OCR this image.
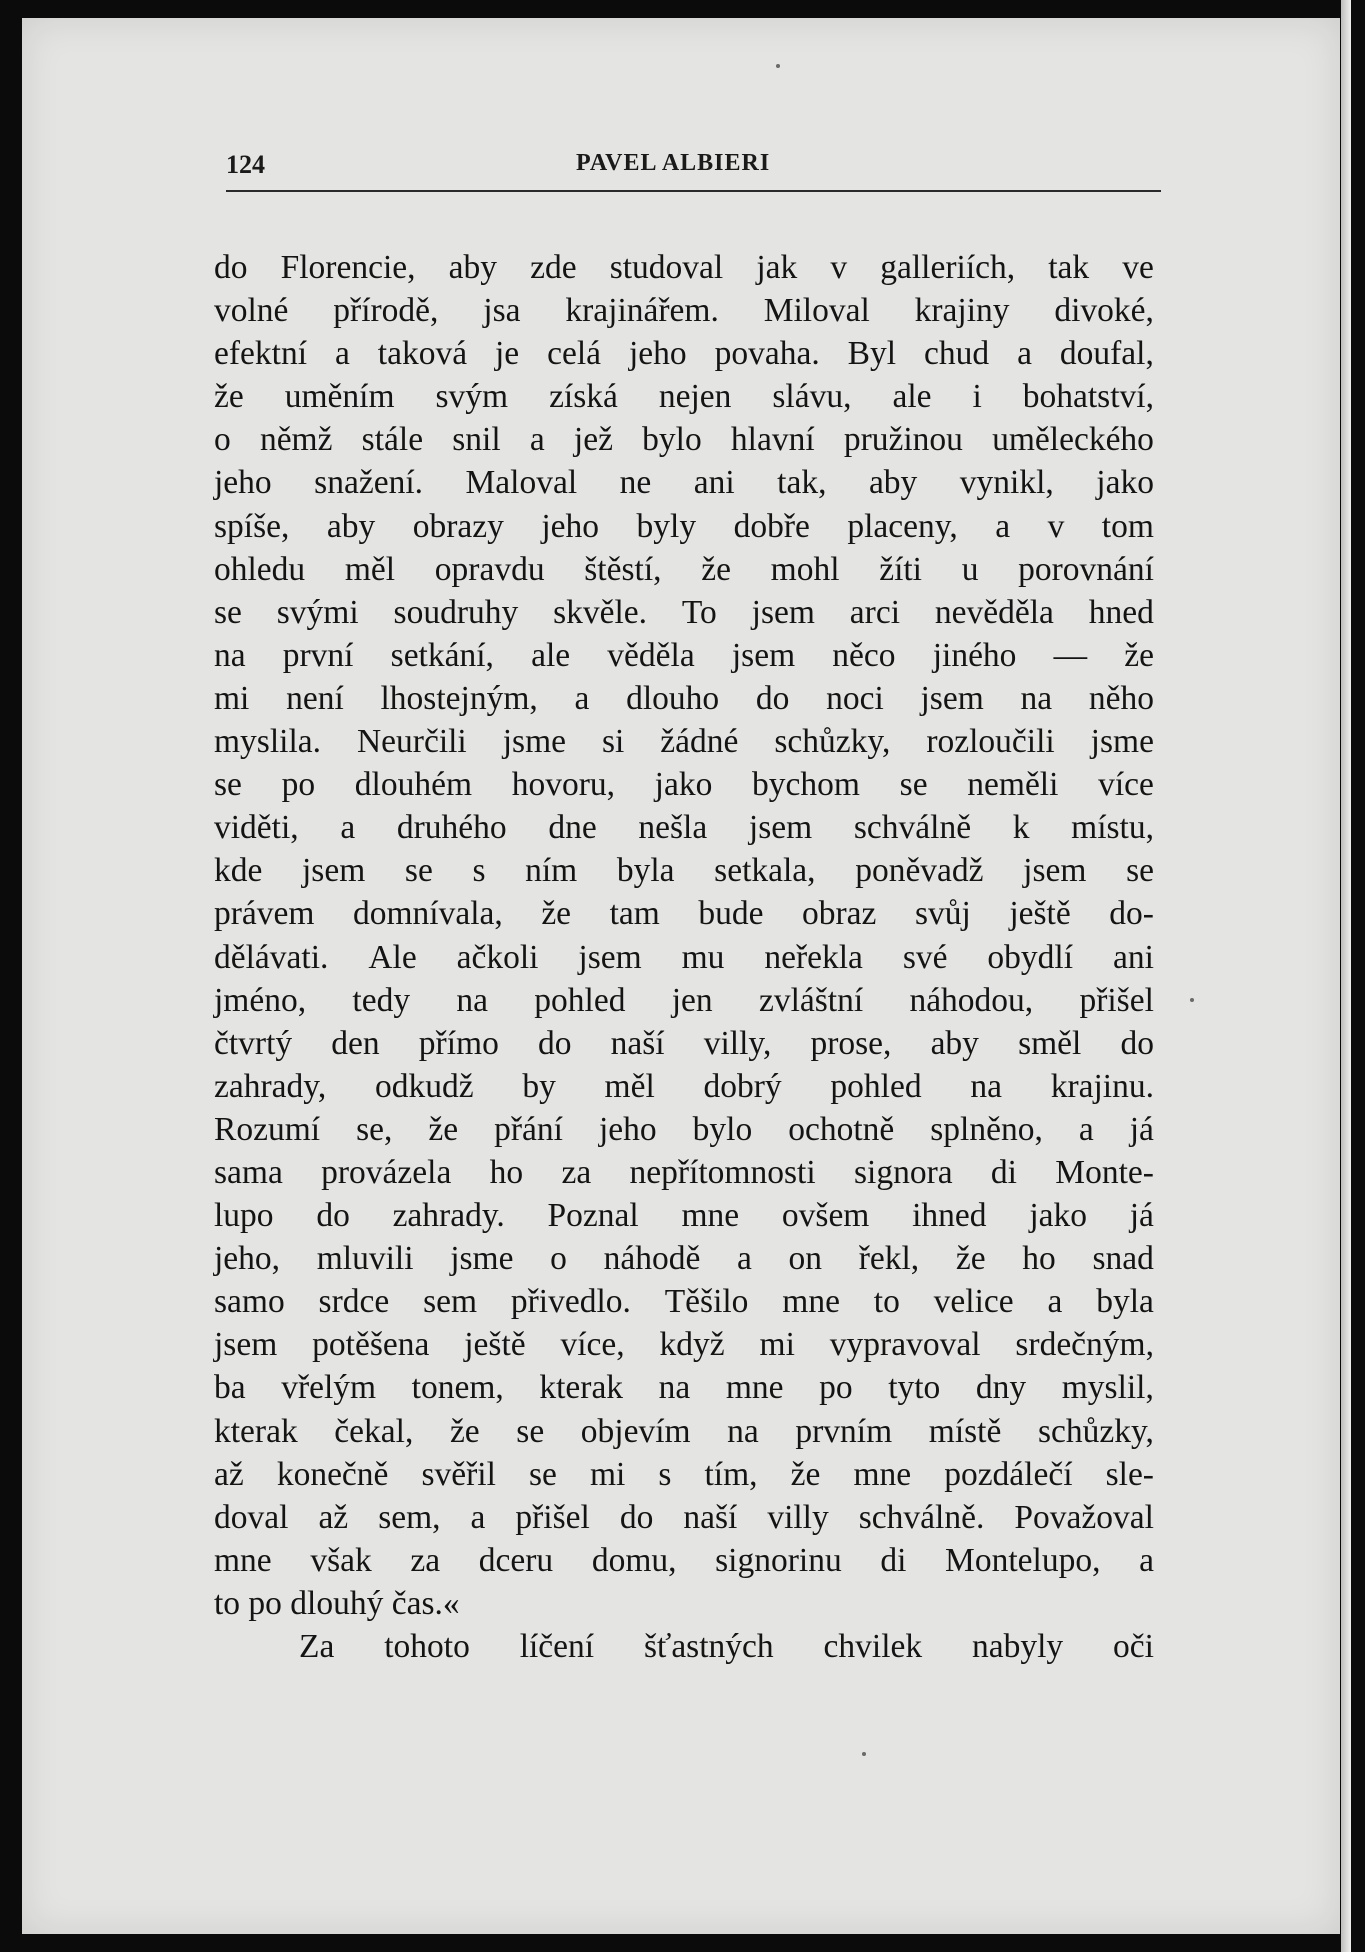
124	PAVEL ALBIERI
do Florencie, aby zde studoval jak v galleriích, tak ve
volné přírodě, jsa krajinářem. Miloval krajiny divoké,
efektní a taková je celá jeho povaha. Byl chud a doufal,
že uměním svým získá nejen slávu, ale i bohatství,
o němž stále snil a jež bylo hlavní pružinou uměleckého
jeho snažení. Maloval ne ani tak, aby vynikl, jako
spíše, aby obrazy jeho byly dobře placeny, a v tom
ohledu měl opravdu štěstí, že mohl žíti u porovnání
se svými soudruhy skvěle. To jsem arci nevěděla hned
na první setkání, ale věděla jsem něco jiného — že
mi není lhostejným, a dlouho do noci jsem na něho
myslila. Neurčili jsme si žádné schůzky, rozloučili jsme
se po dlouhém hovoru, jako bychom se neměli více
viděti, a druhého dne nešla jsem schválně k místu,
kde jsem se s ním byla setkala, poněvadž jsem se
právem domnívala, že tam bude obraz svůj ještě do-
dělávati. Ale ačkoli jsem mu neřekla své obydlí ani
jméno, tedy na pohled jen zvláštní náhodou, přišel
čtvrtý den přímo do naší villy, prose, aby směl do
zahrady, odkudž by měl dobrý pohled na krajinu.
Rozumí se, že přání jeho bylo ochotně splněno, a já
sama provázela ho za nepřítomnosti signora di Monte-
lupo do zahrady. Poznal mne ovšem ihned jako já
jeho, mluvili jsme o náhodě a on řekl, že ho snad
samo srdce sem přivedlo. Těšilo mne to velice a byla
jsem potěšena ještě více, když mi vypravoval srdečným,
ba vřelým tonem, kterak na mne po tyto dny myslil,
kterak čekal, že se objevím na prvním místě schůzky,
až konečně svěřil se mi s tím, že mne pozdálečí sle-
doval až sem, a přišel do naší villy schválně. Považoval
mne však za dceru domu, signorinu di Montelupo, a
to po dlouhý čas.«
Za tohoto líčení šťastných chvilek nabyly oči
